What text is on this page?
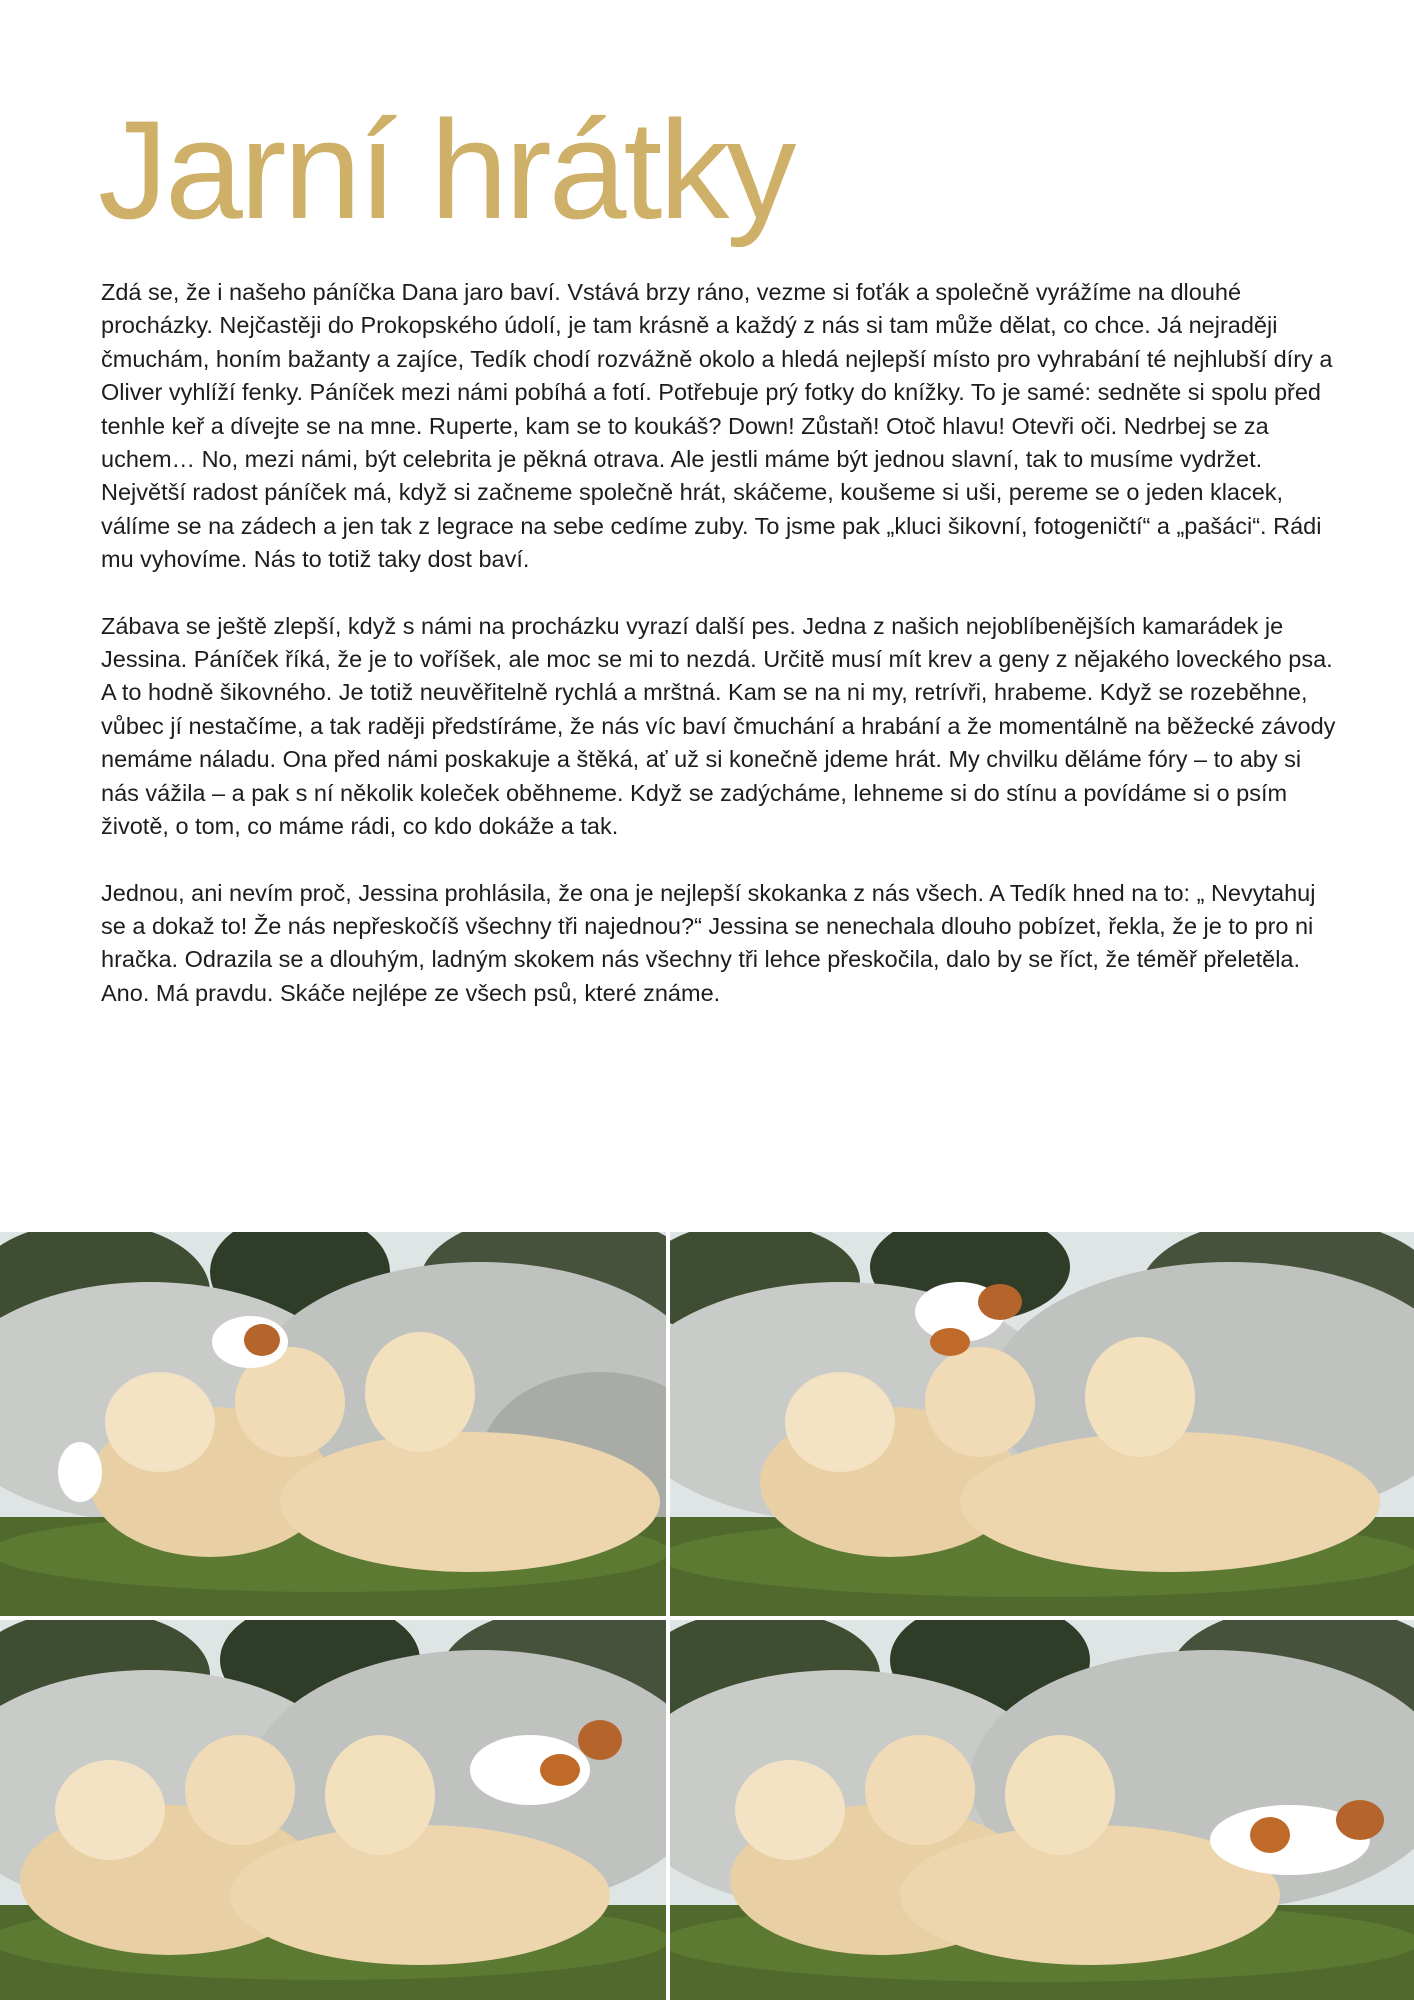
Jarní hrátky

Zdá se, že i našeho páníčka Dana jaro baví. Vstává brzy ráno, vezme si foťák a společně vyrážíme na dlouhé procházky. Nejčastěji do Prokopského údolí, je tam krásně a každý z nás si tam může dělat, co chce. Já nejraději čmuchám, honím bažanty a zajíce, Tedík chodí rozvážně okolo a hledá nejlepší místo pro vyhrabání té nejhlubší díry a Oliver vyhlíží fenky. Páníček mezi námi pobíhá a fotí. Potřebuje prý fotky do knížky. To je samé: sedněte si spolu před tenhle keř a dívejte se na mne. Ruperte, kam se to koukáš? Down! Zůstaň! Otoč hlavu! Otevři oči. Nedrbej se za uchem… No, mezi námi, být celebrita je pěkná otrava. Ale jestli máme být jednou slavní, tak to musíme vydržet. Největší radost páníček má, když si začneme společně hrát, skáčeme, koušeme si uši, pereme se o jeden klacek, válíme se na zádech a jen tak z legrace na sebe cedíme zuby. To jsme pak „kluci šikovní, fotogeničtí“ a „pašáci“. Rádi mu vyhovíme. Nás to totiž taky dost baví.

Zábava se ještě zlepší, když s námi na procházku vyrazí další pes. Jedna z našich nejoblíbenějších kamarádek je Jessina. Páníček říká, že je to voříšek, ale moc se mi to nezdá. Určitě musí mít krev a geny z nějakého loveckého psa. A to hodně šikovného. Je totiž neuvěřitelně rychlá a mrštná. Kam se na ni my, retrívři, hrabeme. Když se rozeběhne, vůbec jí nestačíme, a tak raději předstíráme, že nás víc baví čmuchání a hrabání a že momentálně na běžecké závody nemáme náladu. Ona před námi poskakuje a štěká, ať už si konečně jdeme hrát. My chvilku děláme fóry – to aby si nás vážila – a pak s ní několik koleček oběhneme. Když se zadýcháme, lehneme si do stínu a povídáme si o psím životě, o tom, co máme rádi, co kdo dokáže a tak.

Jednou, ani nevím proč, Jessina prohlásila, že ona je nejlepší skokanka z nás všech. A Tedík hned na to: „ Nevytahuj se a dokaž to! Že nás nepřeskočíš všechny tři najednou?“ Jessina se nenechala dlouho pobízet, řekla, že je to pro ni hračka. Odrazila se a dlouhým, ladným skokem nás všechny tři lehce přeskočila, dalo by se říct, že téměř přeletěla. Ano. Má pravdu. Skáče nejlépe ze všech psů, které známe.
